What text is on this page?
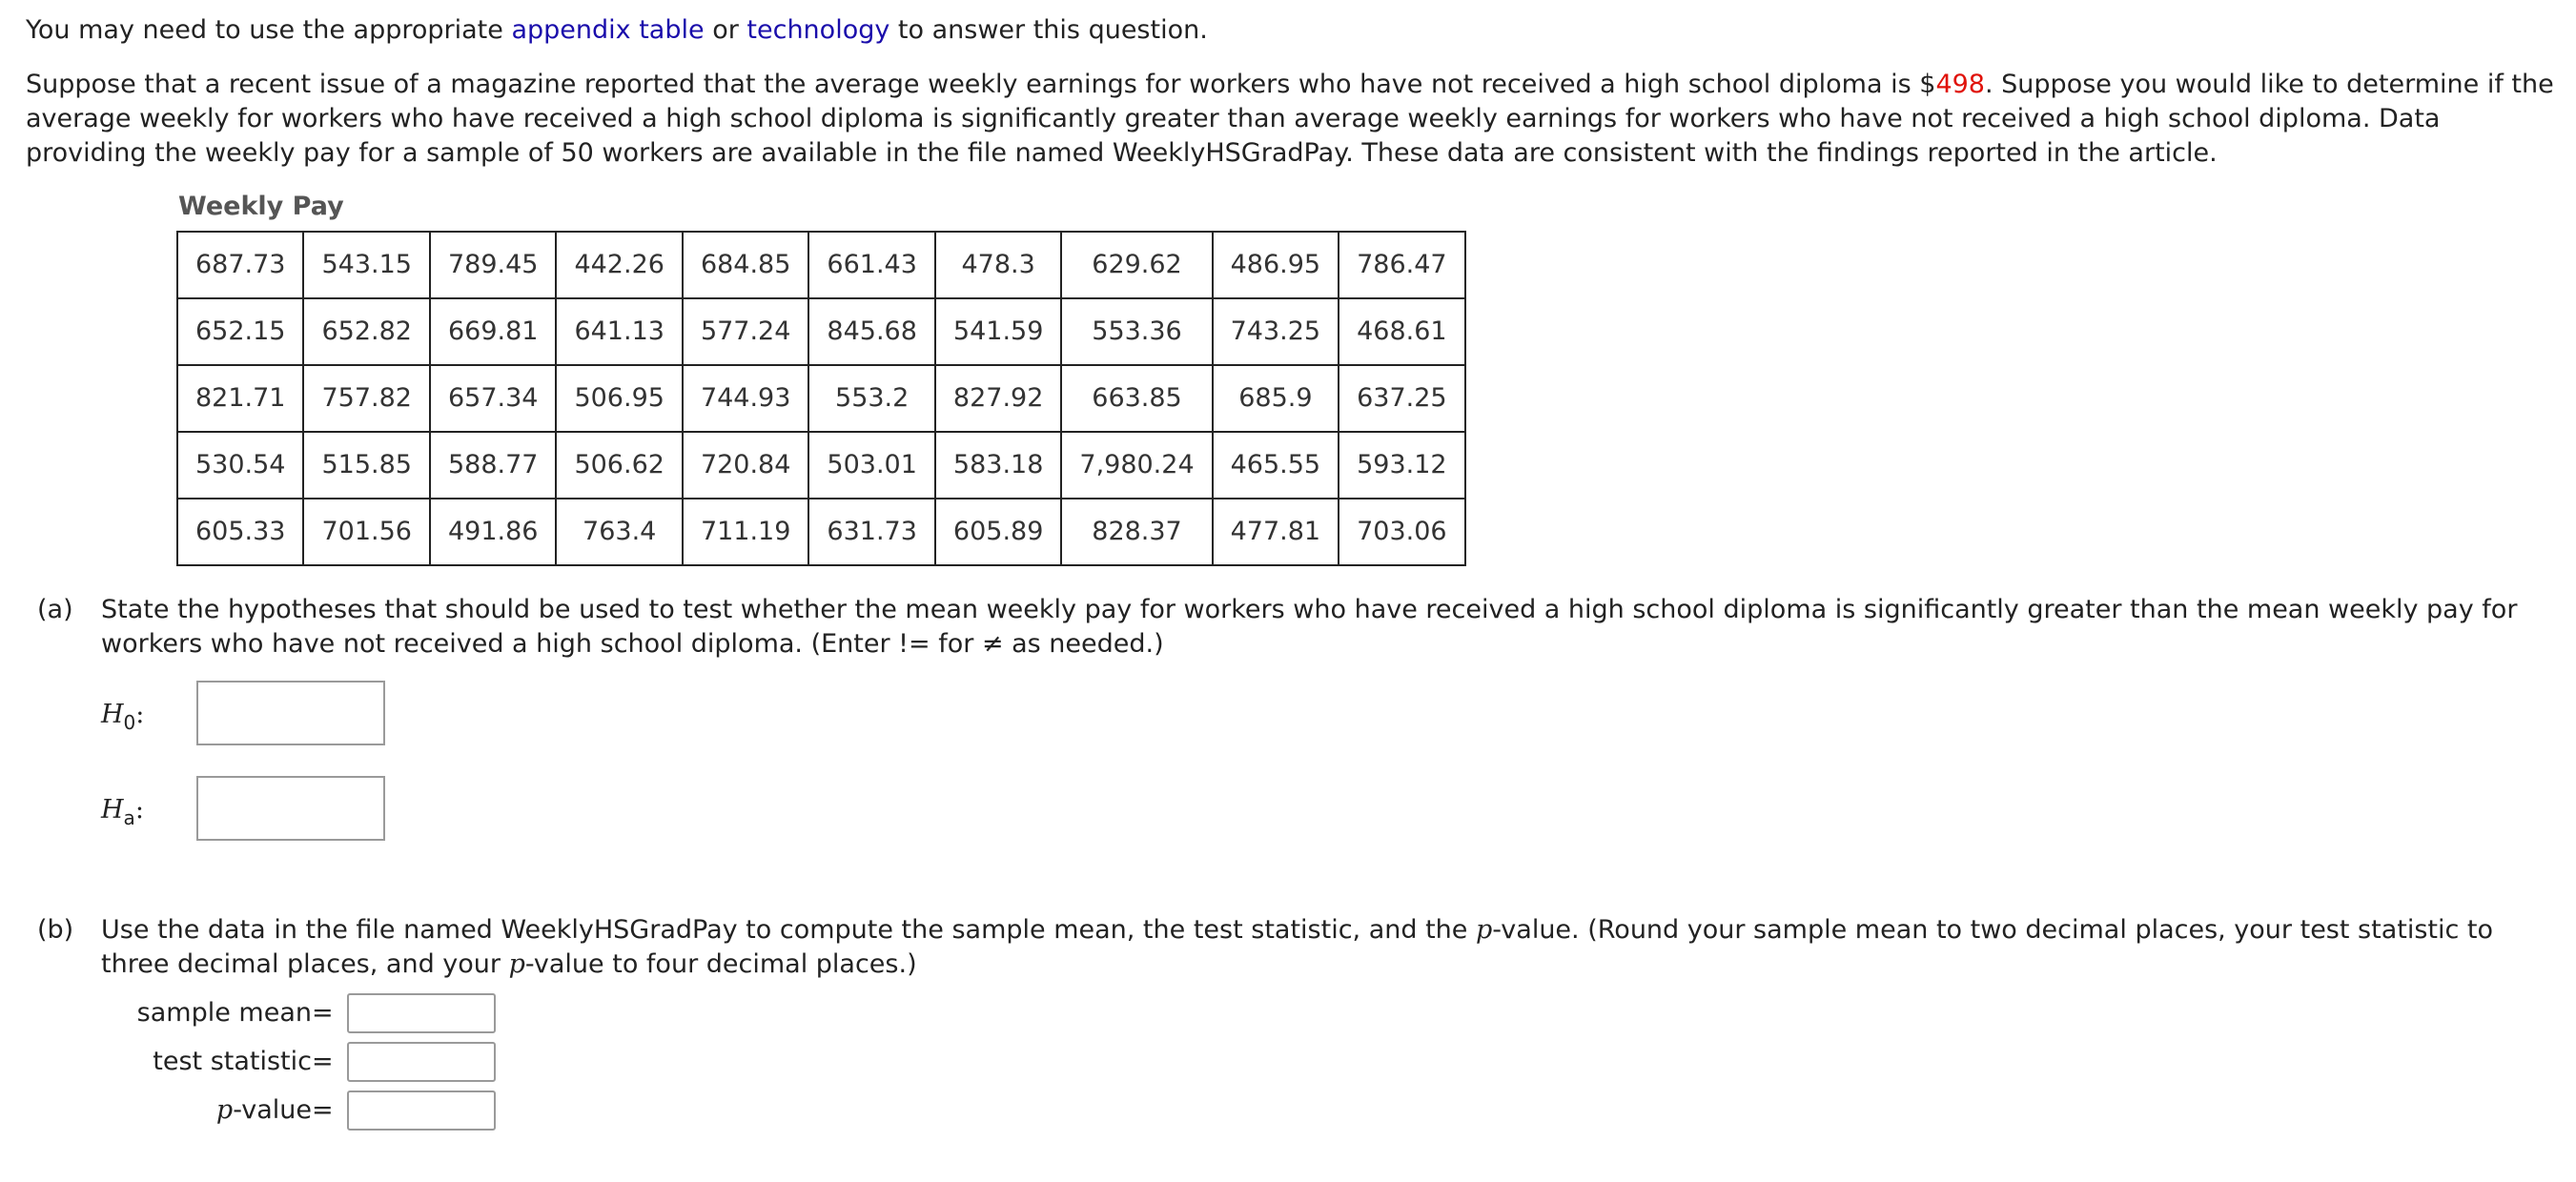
You may need to use the appropriate appendix table or technology to answer this question.

Suppose that a recent issue of a magazine reported that the average weekly earnings for workers who have not received a high school diploma is $498. Suppose you would like to determine if the average weekly for workers who have received a high school diploma is significantly greater than average weekly earnings for workers who have not received a high school diploma. Data providing the weekly pay for a sample of 50 workers are available in the file named WeeklyHSGradPay. These data are consistent with the findings reported in the article.

Weekly Pay
687.73	543.15	789.45	442.26	684.85	661.43	478.3	629.62	486.95	786.47
652.15	652.82	669.81	641.13	577.24	845.68	541.59	553.36	743.25	468.61
821.71	757.82	657.34	506.95	744.93	553.2	827.92	663.85	685.9	637.25
530.54	515.85	588.77	506.62	720.84	503.01	583.18	7,980.24	465.55	593.12
605.33	701.56	491.86	763.4	711.19	631.73	605.89	828.37	477.81	703.06
(a) State the hypotheses that should be used to test whether the mean weekly pay for workers who have received a high school diploma is significantly greater than the mean weekly pay for workers who have not received a high school diploma. (Enter != for ≠ as needed.)

$H_0$:
$H_a$:
(b) Use the data in the file named WeeklyHSGradPay to compute the sample mean, the test statistic, and the p-value. (Round your sample mean to two decimal places, your test statistic to three decimal places, and your p-value to four decimal places.)

sample mean =
test statistic =
p-value =
